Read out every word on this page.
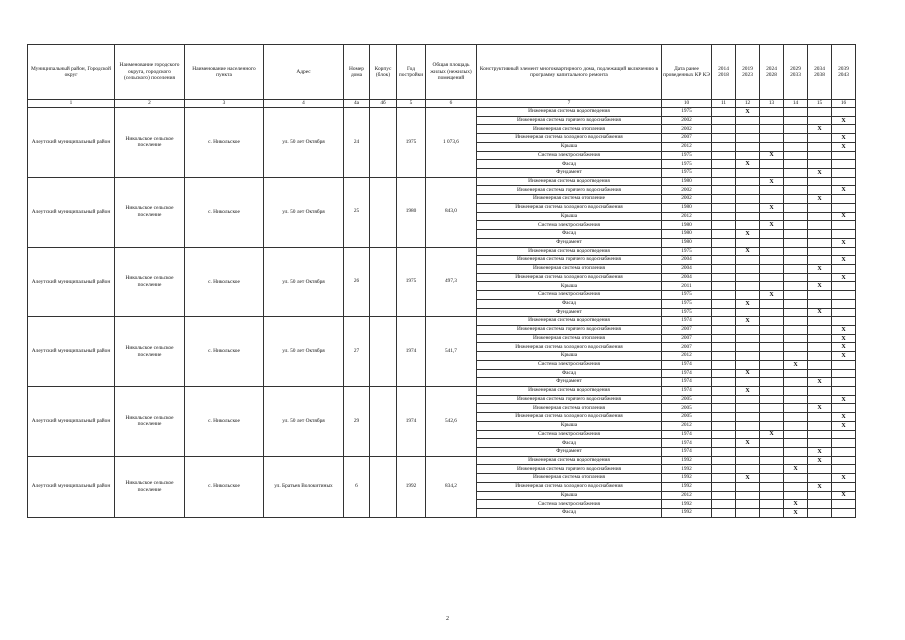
Муниципальный район, Городской округ	Наименование городского округа, городского (сельского) поселения	Наименование населенного пункта	Адрес	Номер дома	Корпус (блок)	Год постройки	Общая площадь жилых (нежилых) помещений	Конструктивный элемент многоквартирного дома, подлежащий включению в программу капитального ремонта	Дата ранее проведенных КР КЭ	2014 2018	2019 2023	2024 2028	2029 2033	2034 2038	2039 2043
1	2	3	4	4а	4б	5	6	7	10	11	12	13	14	15	16
Алеутский муниципальный район	Никольское сельское поселение	с. Никольское	ул. 50 лет Октября	24		1975	1 073,6	Инженерная система водоотведения	1975		X				
								Инженерная система горячего водоснабжения	2002						X
								Инженерная система отопления	2002					X	
								Инженерная система холодного водоснабжения	2007						X
								Крыша	2012						X
								Система электроснабжения	1975			X			
								Фасад	1975		X				
								Фундамент	1975					X	
Алеутский муниципальный район	Никольское сельское поселение	с. Никольское	ул. 50 лет Октября	25		1980	843,0	Инженерная система водоотведения	1980			X			
								Инженерная система горячего водоснабжения	2002						X
								Инженерная система отопление	2002					X	
								Инженерная система холодного водоснабжения	1980			X			
								Крыша	2012						X
								Система электроснабжения	1980			X			
								Фасад	1980		X				
								Фундамент	1980						X
Алеутский муниципальный район	Никольское сельское поселение	с. Никольское	ул. 50 лет Октября	26		1975	497,3	Инженерная система водоотведения	1975		X				
								Инженерная система горячего водоснабжения	2004						X
								Инженерная система отопления	2004					X	
								Инженерная система холодного водоснабжения	2004						X
								Крыша	2011					X	
								Система электроснабжения	1975			X			
								Фасад	1975		X				
								Фундамент	1975					X	
Алеутский муниципальный район	Никольское сельское поселение	с. Никольское	ул. 50 лет Октября	27		1974	541,7	Инженерная система водоотведения	1974		X				
								Инженерная система горячего водоснабжения	2007						X
								Инженерная система отопления	2007						X
								Инженерная система холодного водоснабжения	2007						X
								Крыша	2012						X
								Система электроснабжения	1974				X		
								Фасад	1974		X				
								Фундамент	1974					X	
Алеутский муниципальный район	Никольское сельское поселение	с. Никольское	ул. 50 лет Октября	29		1974	542,6	Инженерная система водоотведения	1974		X				
								Инженерная система горячего водоснабжения	2005						X
								Инженерная система отопления	2005					X	
								Инженерная система холодного водоснабжения	2005						X
								Крыша	2012						X
								Система электроснабжения	1974			X			
								Фасад	1974		X				
								Фундамент	1974					X	
Алеутский муниципальный район	Никольское сельское поселение	с. Никольское	ул. Братьев Волокитиных	6		1992	834,2	Инженерная система водоотведения	1992					X	
								Инженерная система горячего водоснабжения	1992				X		
								Инженерная система отопления	1992		X				X
								Инженерная система холодного водоснабжения	1992					X	
								Крыша	2012						X
								Система электроснабжения	1992				X		
								Фасад	1992				X		
2
